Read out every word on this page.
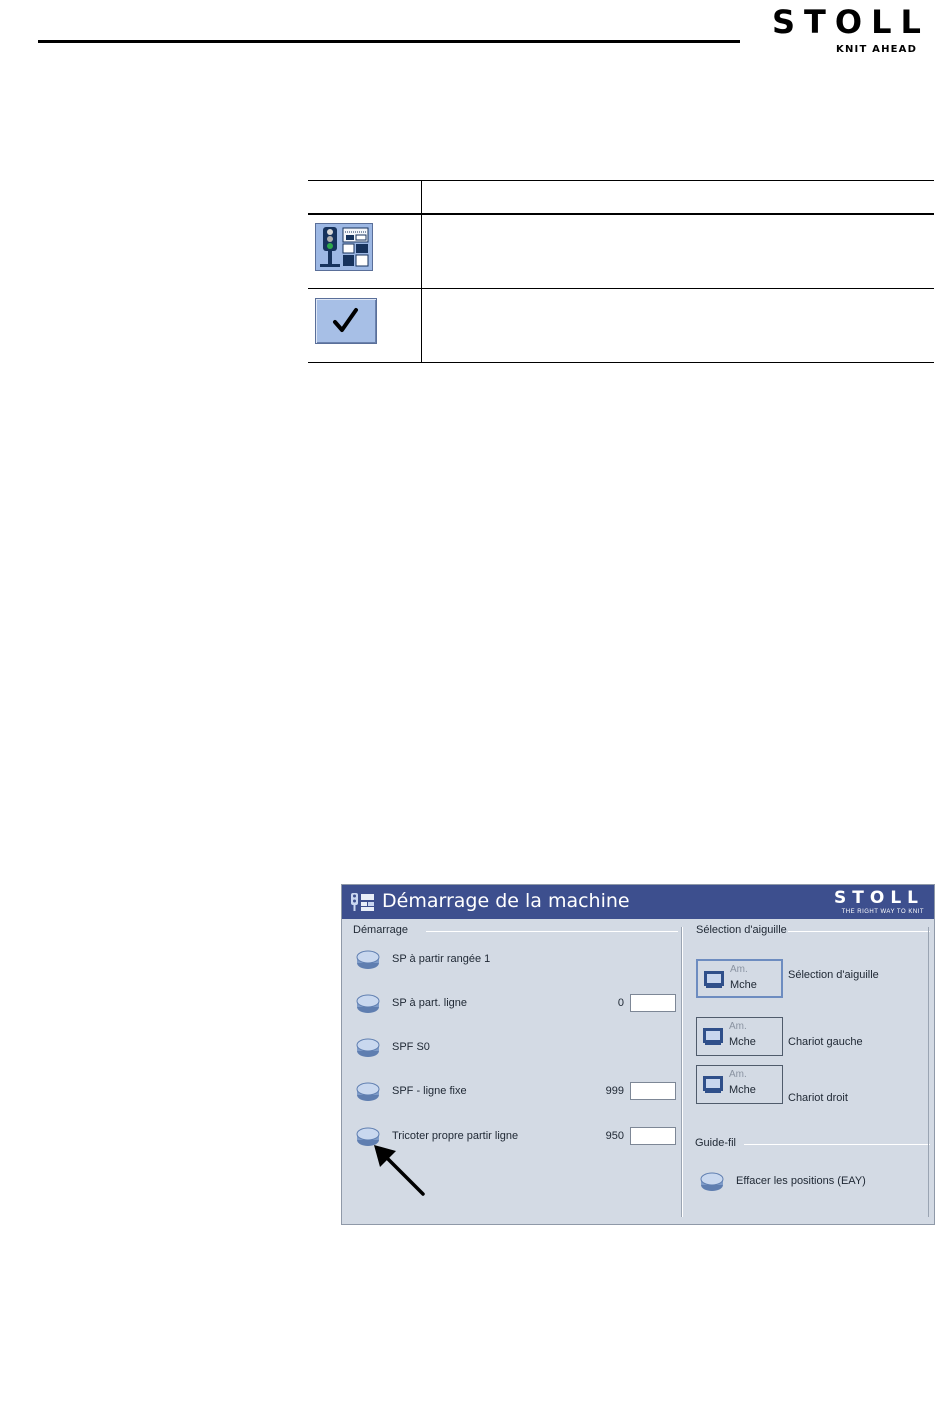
STOLL
KNIT AHEAD
Démarrage de la machine	STOLL
THE RIGHT WAY TO KNIT
Démarrage	Sélection d'aiguille
Guide-fil
SP à partir rangée 1
SP à part. ligne	0
SPF S0
SPF - ligne fixe	999
Tricoter propre partir ligne	950
Am.
Mche
Sélection d'aiguille
Am.
Mche	Chariot gauche
Am.
Mche
Chariot droit
Effacer les positions (EAY)
